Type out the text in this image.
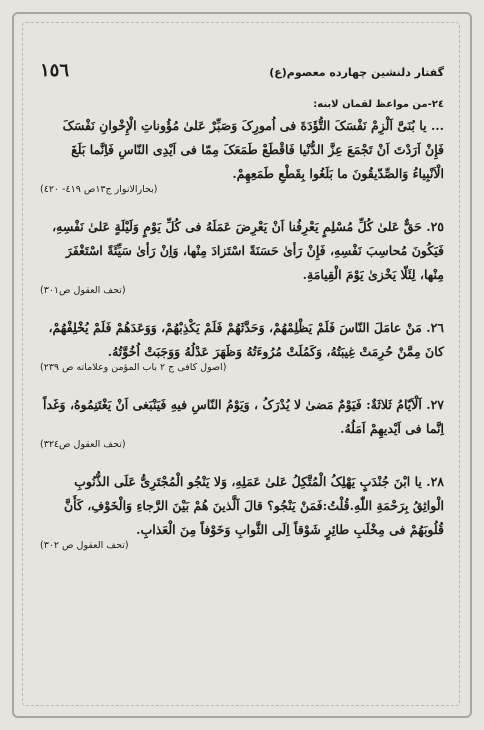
١٥٦	گفتار دلنشین چهارده معصوم(ع)
٢٤-من مواعظ لقمان لابنه:
... یا بُنَیَّ اَلْزِمْ نَفْسَکَ التُّؤَدَةَ فی اُمورِکَ وَصَبِّرْ عَلیٰ مُؤُوناتِ الْإِخْوانِ نَفْسَکَ فَإِنْ اَرَدْتَ اَنْ تَجْمَعَ عِزَّ الدُّنْیا فَاقْطَعْ طَمَعَکَ مِمّا فی اَیْدِی النّاسِ فَاِنَّما بَلَغَ الْاَنْبِیاءُ وَالصِّدّیقُونَ ما بَلَغُوا بِقَطْعِ طَمَعِهِمْ.
(بحارالانوار ج١٣ص ٤١٩- ٤٢٠)
٢٥. حَقٌّ عَلیٰ کُلِّ مُسْلِمٍ یَعْرِفُنا اَنْ یَعْرِضَ عَمَلَهُ فی کُلِّ یَوْمٍ وَلَیْلَةٍ عَلیٰ نَفْسِهِ، فَیَکُونَ مُحاسِبَ نَفْسِهِ، فَإِنْ رَأیٰ حَسَنَةً اسْتَزادَ مِنْها، وَاِنْ رَأیٰ سَیِّئَةً اسْتَغْفَرَ مِنْها، لِئَلّا یَخْزیٰ یَوْمَ الْقِیامَةِ.
(تحف العقول ص٣٠١)
٢٦. مَنْ عامَلَ النّاسَ فَلَمْ یَظْلِمْهُمْ، وَحَدَّثَهُمْ فَلَمْ یَکْذِبْهُمْ، وَوَعَدَهُمْ فَلَمْ یُخْلِفْهُمْ، کانَ مِمَّنْ حُرِمَتْ غِیبَتُهُ، وَکَمُلَتْ مُرُوءَتُهُ وَظَهَرَ عَدْلُهُ وَوَجَبَتْ اُخُوَّتُهُ.
(اصول کافی ج ٢ باب المؤمن وعلاماته ص ٢٣٩)
٢٧. اَلْاَیّامُ ثَلاثَةٌ: فَیَوْمٌ مَضیٰ لا یُدْرَکُ ، وَیَوْمُ النّاسِ فیهِ فَیَنْبَغی اَنْ یَغْتَنِمُوهُ، وَغَداً اِنَّما فی اَیْدیهِمْ اَمَلُهُ.
(تحف العقول ص٣٢٤)
٢٨. یا ابْنَ جُنْدَبٍ یَهْلِکُ الْمُتَّکِلُ عَلیٰ عَمَلِهِ، وَلا یَنْجُو الْمُجْتَرِیُّ عَلَی الذُّنُوبِ الْواثِقُ بِرَحْمَةِ اللّٰهِ.قُلْتُ:فَمَنْ یَنْجُو؟ قالَ اَلَّذینَ هُمْ بَیْنَ الرَّجاءِ وَالْخَوْفِ، کَأَنَّ قُلُوبَهُمْ فی مِخْلَبِ طائِرٍ شَوْقاً اِلَی الثَّوابِ وَخَوْفاً مِنَ الْعَذابِ.
(تحف العقول ص ٣٠٢)
